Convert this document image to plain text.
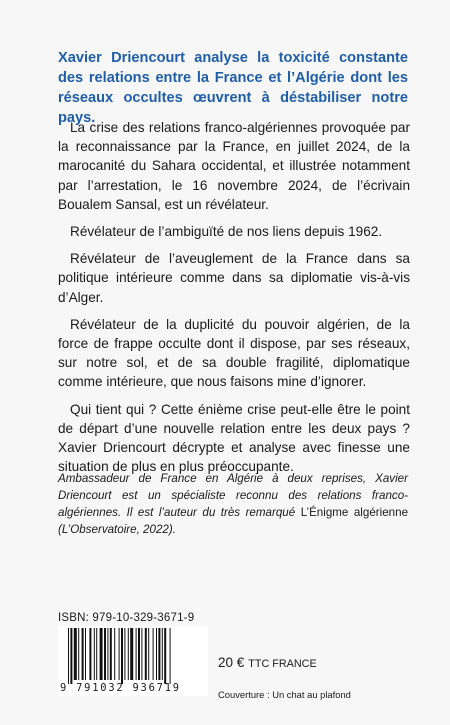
Xavier Driencourt analyse la toxicité constante des relations entre la France et l’Algérie dont les réseaux occultes œuvrent à déstabiliser notre pays.

La crise des relations franco-algériennes provoquée par la reconnaissance par la France, en juillet 2024, de la marocanité du Sahara occidental, et illustrée notamment par l’arrestation, le 16 novembre 2024, de l’écrivain Boualem Sansal, est un révélateur.

Révélateur de l’ambiguïté de nos liens depuis 1962.

Révélateur de l’aveuglement de la France dans sa politique intérieure comme dans sa diplomatie vis-à-vis d’Alger.

Révélateur de la duplicité du pouvoir algérien, de la force de frappe occulte dont il dispose, par ses réseaux, sur notre sol, et de sa double fragilité, diplomatique comme intérieure, que nous faisons mine d’ignorer.

Qui tient qui ? Cette énième crise peut-elle être le point de départ d’une nouvelle relation entre les deux pays ? Xavier Driencourt décrypte et analyse avec finesse une situation de plus en plus préoccupante.

Ambassadeur de France en Algérie à deux reprises, Xavier Driencourt est un spécialiste reconnu des relations franco-algériennes. Il est l’auteur du très remarqué L’Énigme algérienne (L’Observatoire, 2022).

ISBN: 979-10-329-3671-9
9 791032 936719
20 € TTC FRANCE
Couverture : Un chat au plafond
